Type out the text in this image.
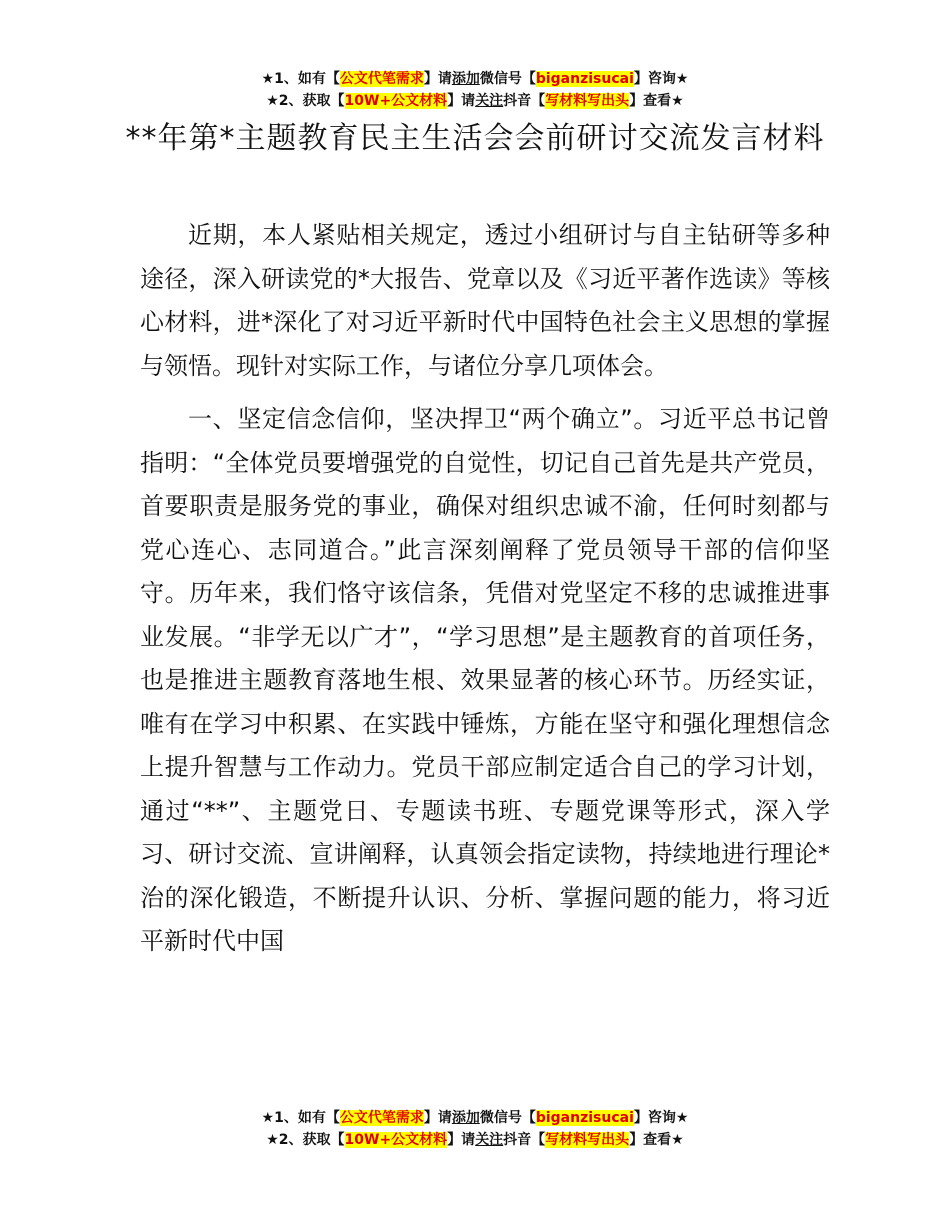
★1、如有【公文代笔需求】请添加微信号【biganzisucai】咨询★
★2、获取【10W+公文材料】请关注抖音【写材料写出头】查看★
**年第*主题教育民主生活会会前研讨交流发言材料

近期，本人紧贴相关规定，透过小组研讨与自主钻研等多种途径，深入研读党的*大报告、党章以及《习近平著作选读》等核心材料，进*深化了对习近平新时代中国特色社会主义思想的掌握与领悟。现针对实际工作，与诸位分享几项体会。

一、坚定信念信仰，坚决捍卫“两个确立”。习近平总书记曾指明：“全体党员要增强党的自觉性，切记自己首先是共产党员，首要职责是服务党的事业，确保对组织忠诚不渝，任何时刻都与党心连心、志同道合。”此言深刻阐释了党员领导干部的信仰坚守。历年来，我们恪守该信条，凭借对党坚定不移的忠诚推进事业发展。“非学无以广才”，“学习思想”是主题教育的首项任务，也是推进主题教育落地生根、效果显著的核心环节。历经实证，唯有在学习中积累、在实践中锤炼，方能在坚守和强化理想信念上提升智慧与工作动力。党员干部应制定适合自己的学习计划，通过“**”、主题党日、专题读书班、专题党课等形式，深入学习、研讨交流、宣讲阐释，认真领会指定读物，持续地进行理论*治的深化锻造，不断提升认识、分析、掌握问题的能力，将习近平新时代中国

★1、如有【公文代笔需求】请添加微信号【biganzisucai】咨询★
★2、获取【10W+公文材料】请关注抖音【写材料写出头】查看★
